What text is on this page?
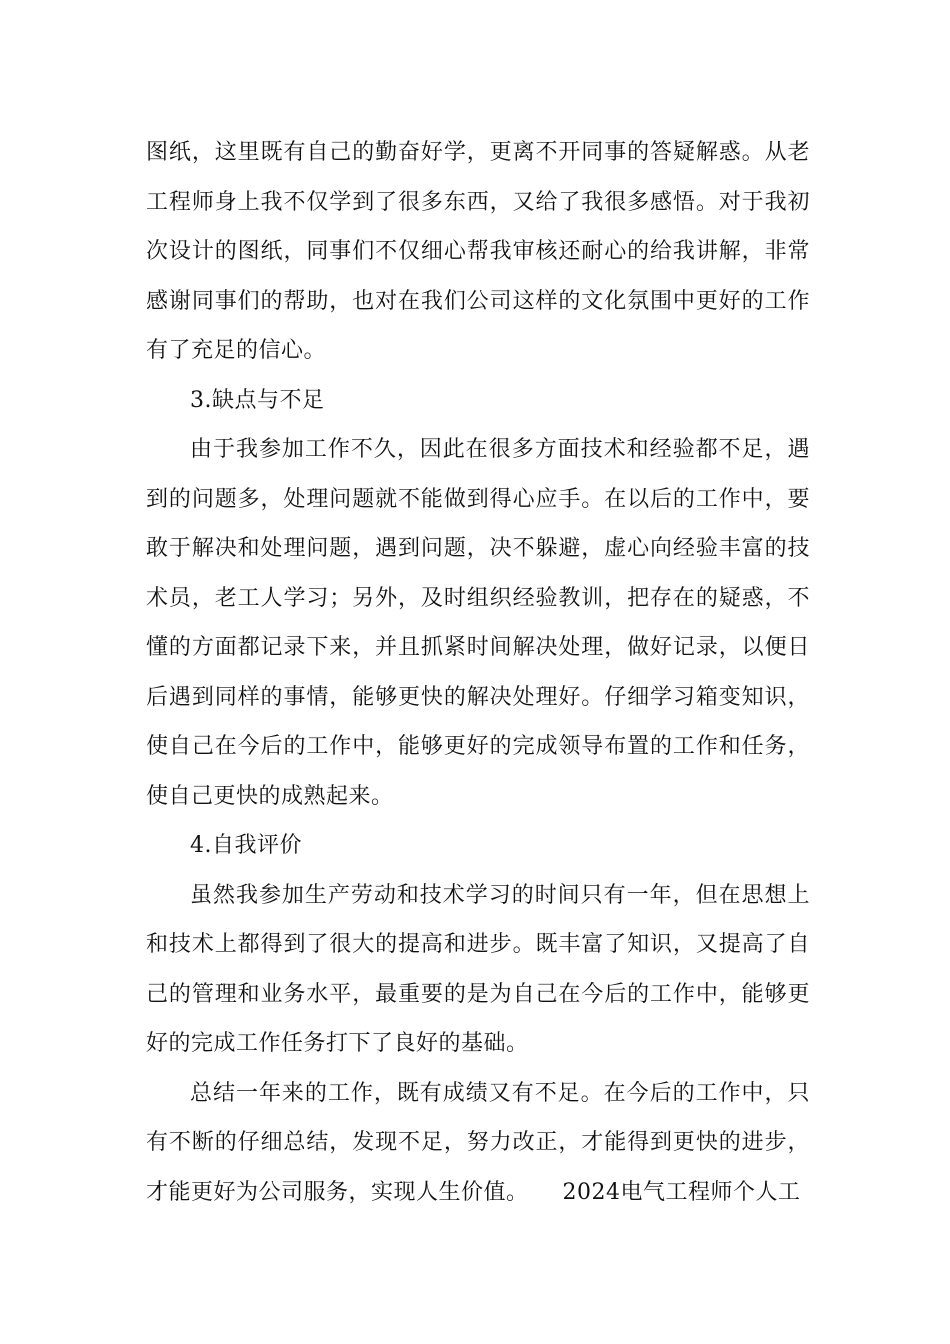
图纸，这里既有自己的勤奋好学，更离不开同事的答疑解惑。从老工程师身上我不仅学到了很多东西，又给了我很多感悟。对于我初次设计的图纸，同事们不仅细心帮我审核还耐心的给我讲解，非常感谢同事们的帮助，也对在我们公司这样的文化氛围中更好的工作有了充足的信心。

3.缺点与不足

由于我参加工作不久，因此在很多方面技术和经验都不足，遇到的问题多，处理问题就不能做到得心应手。在以后的工作中，要敢于解决和处理问题，遇到问题，决不躲避，虚心向经验丰富的技术员，老工人学习；另外，及时组织经验教训，把存在的疑惑，不懂的方面都记录下来，并且抓紧时间解决处理，做好记录，以便日后遇到同样的事情，能够更快的解决处理好。仔细学习箱变知识，使自己在今后的工作中，能够更好的完成领导布置的工作和任务，使自己更快的成熟起来。

4.自我评价

虽然我参加生产劳动和技术学习的时间只有一年，但在思想上和技术上都得到了很大的提高和进步。既丰富了知识，又提高了自己的管理和业务水平，最重要的是为自己在今后的工作中，能够更好的完成工作任务打下了良好的基础。

总结一年来的工作，既有成绩又有不足。在今后的工作中，只有不断的仔细总结，发现不足，努力改正，才能得到更快的进步，才能更好为公司服务，实现人生价值。　　2024电气工程师个人工
